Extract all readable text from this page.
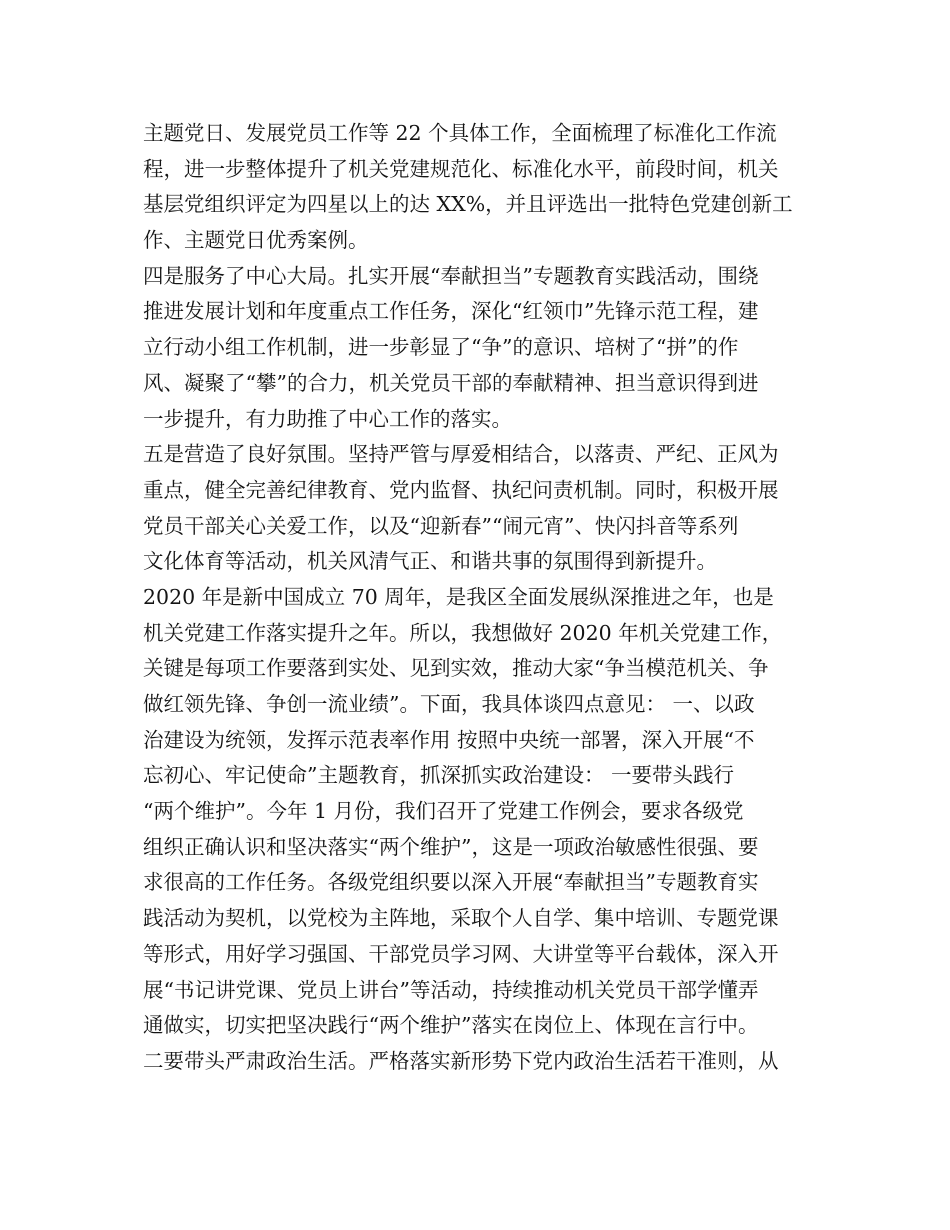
主题党日、发展党员工作等 22 个具体工作，全面梳理了标准化工作流
程，进一步整体提升了机关党建规范化、标准化水平，前段时间，机关
基层党组织评定为四星以上的达 XX%，并且评选出一批特色党建创新工
作、主题党日优秀案例。
四是服务了中心大局。扎实开展“奉献担当”专题教育实践活动，围绕
推进发展计划和年度重点工作任务，深化“红领巾”先锋示范工程，建
立行动小组工作机制，进一步彰显了“争”的意识、培树了“拼”的作
风、凝聚了“攀”的合力，机关党员干部的奉献精神、担当意识得到进
一步提升，有力助推了中心工作的落实。
五是营造了良好氛围。坚持严管与厚爱相结合，以落责、严纪、正风为
重点，健全完善纪律教育、党内监督、执纪问责机制。同时，积极开展
党员干部关心关爱工作，以及“迎新春”“闹元宵”、快闪抖音等系列
文化体育等活动，机关风清气正、和谐共事的氛围得到新提升。
2020 年是新中国成立 70 周年，是我区全面发展纵深推进之年，也是
机关党建工作落实提升之年。所以，我想做好 2020 年机关党建工作，
关键是每项工作要落到实处、见到实效，推动大家“争当模范机关、争
做红领先锋、争创一流业绩”。下面，我具体谈四点意见： 一、以政
治建设为统领，发挥示范表率作用 按照中央统一部署，深入开展“不
忘初心、牢记使命”主题教育，抓深抓实政治建设： 一要带头践行
“两个维护”。今年 1 月份，我们召开了党建工作例会，要求各级党
组织正确认识和坚决落实“两个维护”，这是一项政治敏感性很强、要
求很高的工作任务。各级党组织要以深入开展“奉献担当”专题教育实
践活动为契机，以党校为主阵地，采取个人自学、集中培训、专题党课
等形式，用好学习强国、干部党员学习网、大讲堂等平台载体，深入开
展“书记讲党课、党员上讲台”等活动，持续推动机关党员干部学懂弄
通做实，切实把坚决践行“两个维护”落实在岗位上、体现在言行中。
二要带头严肃政治生活。严格落实新形势下党内政治生活若干准则，从
